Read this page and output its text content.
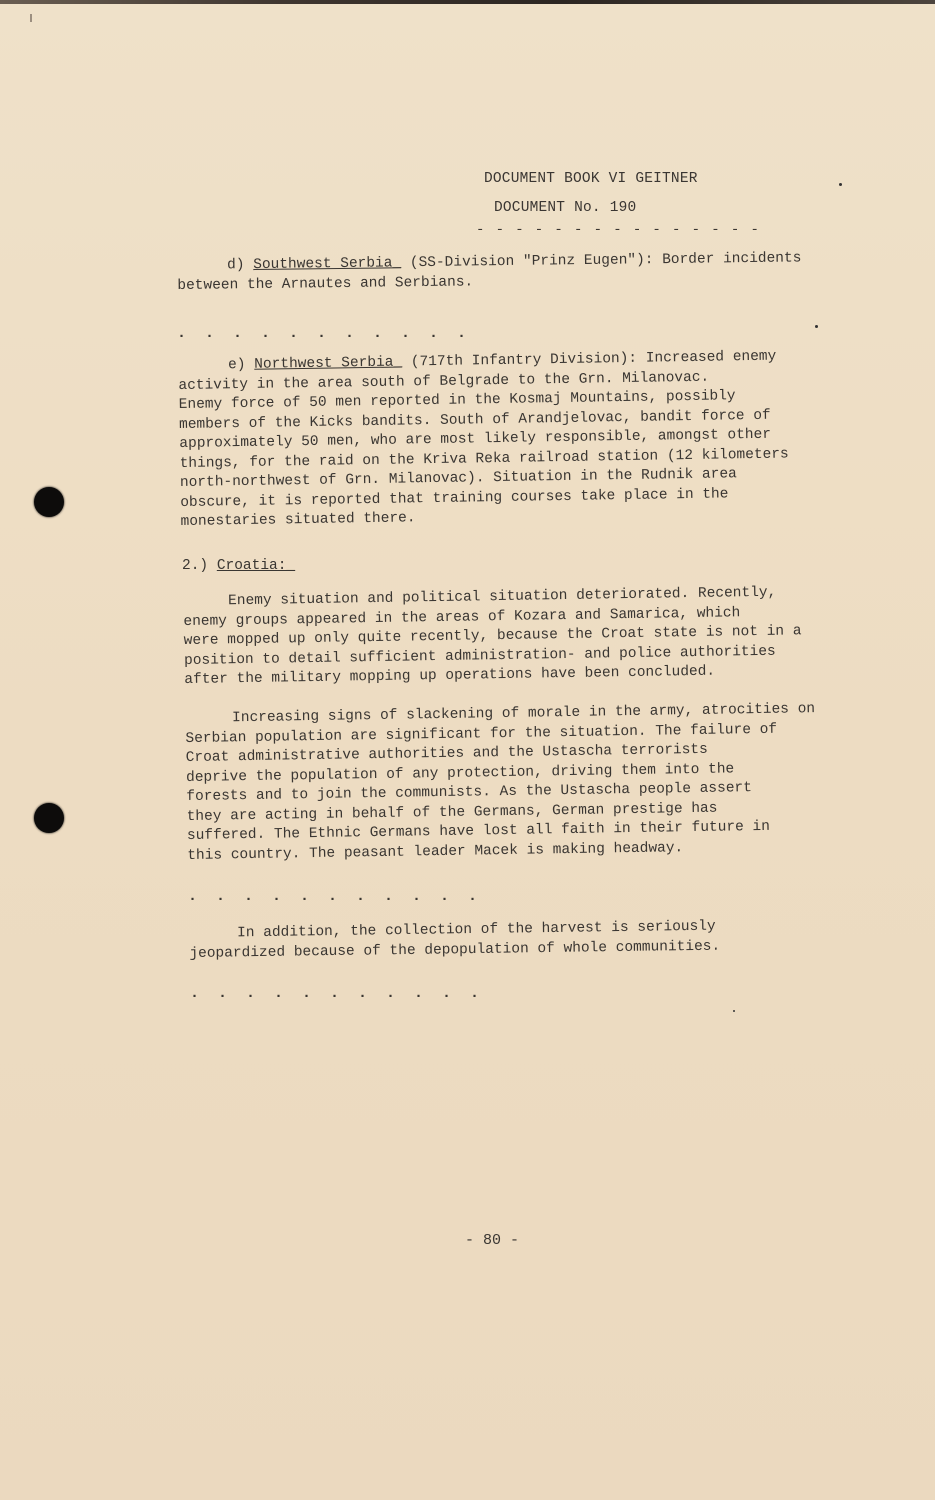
DOCUMENT BOOK VI GEITNER
DOCUMENT No. 190
- - - - - - - - - - - - - - -
d) Southwest Serbia_ (SS-Division "Prinz Eugen"): Border incidents
between the Arnautes and Serbians.
. . . . . . . . . . .
e) Northwest Serbia_ (717th Infantry Division): Increased enemy
activity in the area south of Belgrade to the Grn. Milanovac.
Enemy force of 50 men reported in the Kosmaj Mountains, possibly
members of the Kicks bandits. South of Arandjelovac, bandit force of
approximately 50 men, who are most likely responsible, amongst other
things, for the raid on the Kriva Reka railroad station (12 kilometers
north-northwest of Grn. Milanovac). Situation in the Rudnik area
obscure, it is reported that training courses take place in the
monestaries situated there.
2.) Croatia:_
Enemy situation and political situation deteriorated. Recently,
enemy groups appeared in the areas of Kozara and Samarica, which
were mopped up only quite recently, because the Croat state is not in a
position to detail sufficient administration- and police authorities
after the military mopping up operations have been concluded.
Increasing signs of slackening of morale in the army, atrocities on
Serbian population are significant for the situation. The failure of
Croat administrative authorities and the Ustascha terrorists
deprive the population of any protection, driving them into the
forests and to join the communists. As the Ustascha people assert
they are acting in behalf of the Germans, German prestige has
suffered. The Ethnic Germans have lost all faith in their future in
this country. The peasant leader Macek is making headway.
. . . . . . . . . . .
In addition, the collection of the harvest is seriously
jeopardized because of the depopulation of whole communities.
. . . . . . . . . . .
- 80 -
